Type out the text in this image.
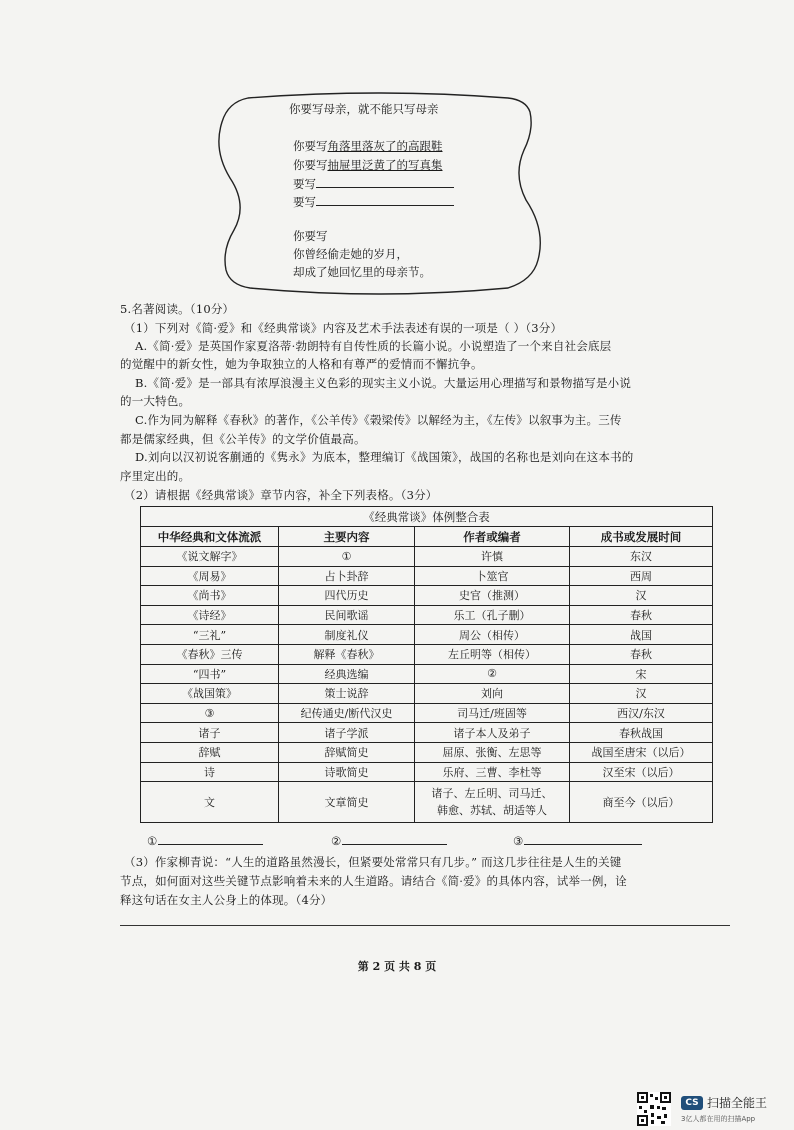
你要写母亲，就不能只写母亲
你要写角落里落灰了的高跟鞋
你要写抽屉里泛黄了的写真集
要写
要写
你要写
你曾经偷走她的岁月，
却成了她回忆里的母亲节。
5.名著阅读。（10分）
（1）下列对《简·爱》和《经典常谈》内容及艺术手法表述有误的一项是（ ）（3分）
A.《简·爱》是英国作家夏洛蒂·勃朗特有自传性质的长篇小说。小说塑造了一个来自社会底层
的觉醒中的新女性，她为争取独立的人格和有尊严的爱情而不懈抗争。
B.《简·爱》是一部具有浓厚浪漫主义色彩的现实主义小说。大量运用心理描写和景物描写是小说
的一大特色。
C.作为同为解释《春秋》的著作，《公羊传》《榖梁传》以解经为主，《左传》以叙事为主。三传
都是儒家经典，但《公羊传》的文学价值最高。
D.刘向以汉初说客蒯通的《隽永》为底本，整理编订《战国策》，战国的名称也是刘向在这本书的
序里定出的。
（2）请根据《经典常谈》章节内容，补全下列表格。（3分）
《经典常谈》体例整合表			
中华经典和文体流派	主要内容	作者或编者	成书或发展时间
《说文解字》	①	许慎	东汉
《周易》	占卜卦辞	卜筮官	西周
《尚书》	四代历史	史官（推测）	汉
《诗经》	民间歌谣	乐工（孔子删）	春秋
“三礼”	制度礼仪	周公（相传）	战国
《春秋》三传	解释《春秋》	左丘明等（相传）	春秋
“四书”	经典选编	②	宋
《战国策》	策士说辞	刘向	汉
③	纪传通史/断代汉史	司马迁/班固等	西汉/东汉
诸子	诸子学派	诸子本人及弟子	春秋战国
辞赋	辞赋简史	屈原、张衡、左思等	战国至唐宋（以后）
诗	诗歌简史	乐府、三曹、李杜等	汉至宋（以后）
文	文章简史	诸子、左丘明、司马迁、
韩愈、苏轼、胡适等人	商至今（以后）
①	②	③
（3）作家柳青说：“人生的道路虽然漫长，但紧要处常常只有几步。” 而这几步往往是人生的关键
节点，如何面对这些关键节点影响着未来的人生道路。请结合《简·爱》的具体内容，试举一例，诠
释这句话在女主人公身上的体现。（4分）
第 2 页 共 8 页
CS 扫描全能王
3亿人都在用的扫描App
